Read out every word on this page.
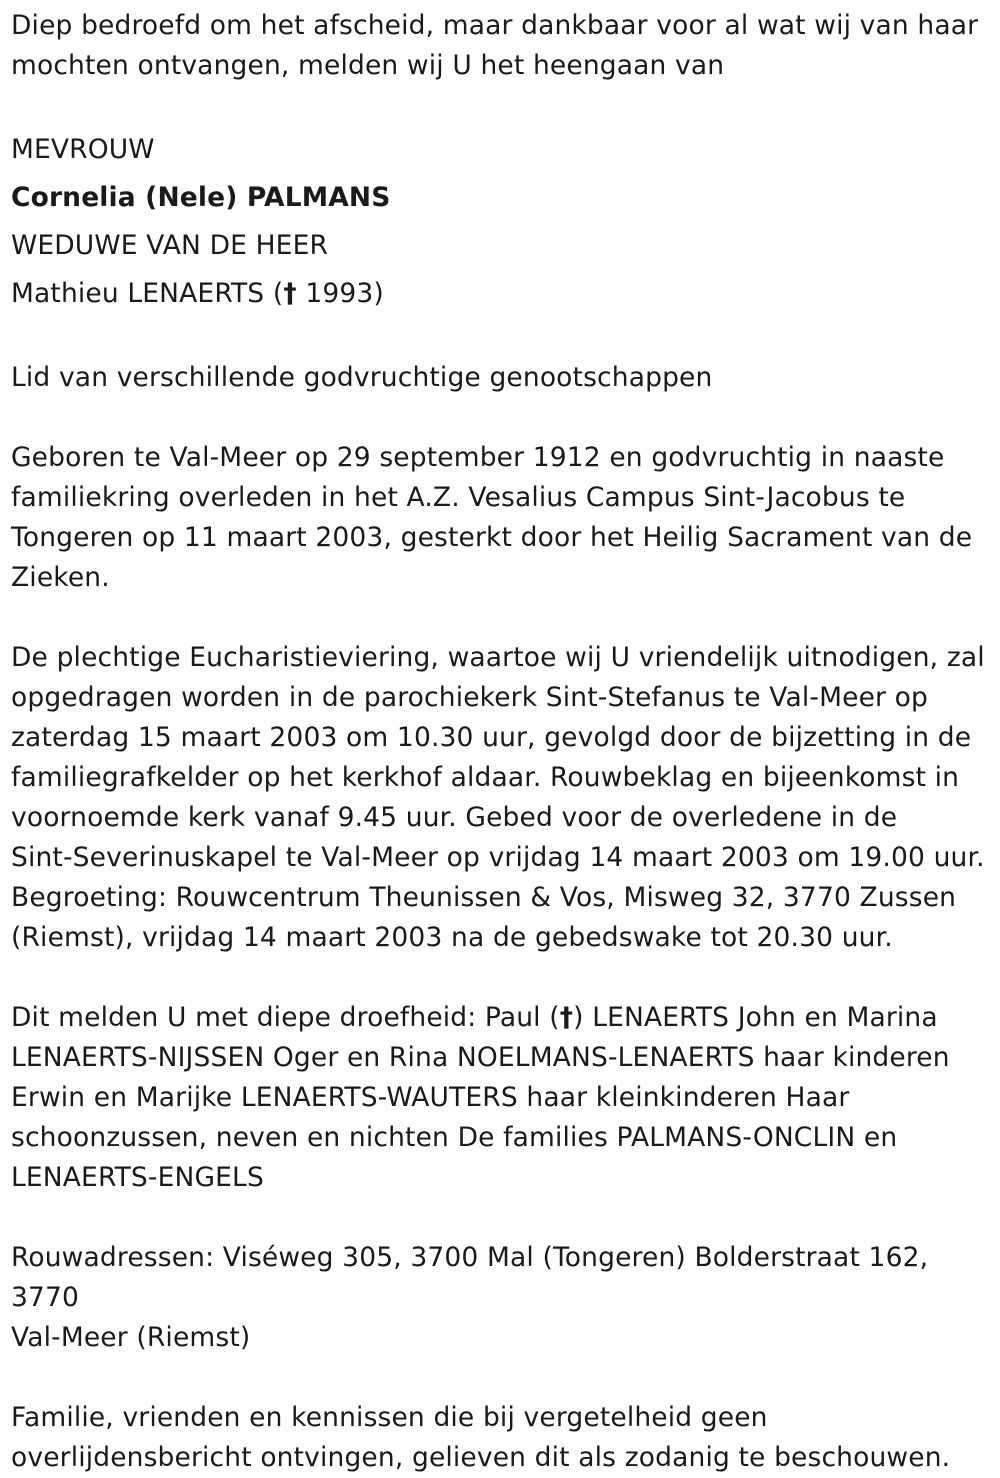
Diep bedroefd om het afscheid, maar dankbaar voor al wat wij van haar
mochten ontvangen, melden wij U het heengaan van

MEVROUW

Cornelia (Nele) PALMANS

WEDUWE VAN DE HEER

Mathieu LENAERTS († 1993)

Lid van verschillende godvruchtige genootschappen

Geboren te Val-Meer op 29 september 1912 en godvruchtig in naaste
familiekring overleden in het A.Z. Vesalius Campus Sint-Jacobus te
Tongeren op 11 maart 2003, gesterkt door het Heilig Sacrament van de
Zieken.

De plechtige Eucharistieviering, waartoe wij U vriendelijk uitnodigen, zal
opgedragen worden in de parochiekerk Sint-Stefanus te Val-Meer op
zaterdag 15 maart 2003 om 10.30 uur, gevolgd door de bijzetting in de
familiegrafkelder op het kerkhof aldaar. Rouwbeklag en bijeenkomst in
voornoemde kerk vanaf 9.45 uur. Gebed voor de overledene in de
Sint-Severinuskapel te Val-Meer op vrijdag 14 maart 2003 om 19.00 uur.
Begroeting: Rouwcentrum Theunissen & Vos, Misweg 32, 3770 Zussen
(Riemst), vrijdag 14 maart 2003 na de gebedswake tot 20.30 uur.

Dit melden U met diepe droefheid: Paul (†) LENAERTS John en Marina
LENAERTS-NIJSSEN Oger en Rina NOELMANS-LENAERTS haar kinderen
Erwin en Marijke LENAERTS-WAUTERS haar kleinkinderen Haar
schoonzussen, neven en nichten De families PALMANS-ONCLIN en
LENAERTS-ENGELS

Rouwadressen: Viséweg 305, 3700 Mal (Tongeren) Bolderstraat 162, 3770
Val-Meer (Riemst)

Familie, vrienden en kennissen die bij vergetelheid geen
overlijdensbericht ontvingen, gelieven dit als zodanig te beschouwen.
